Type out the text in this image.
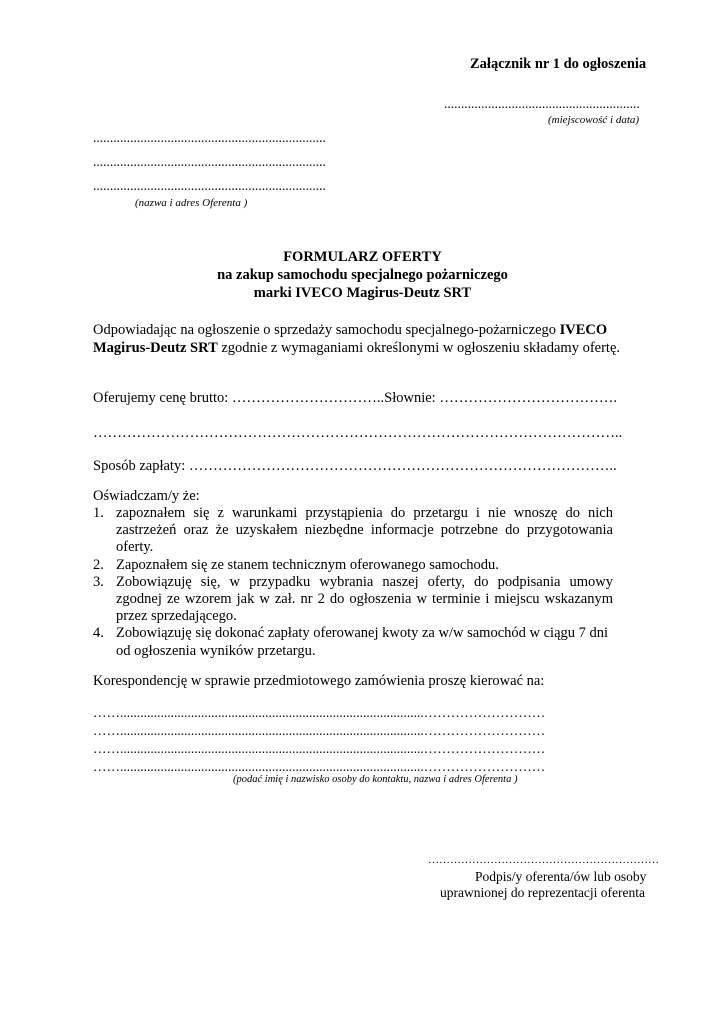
Załącznik nr 1 do ogłoszenia
..........................................................
(miejscowość i data)
.....................................................................
.....................................................................
.....................................................................
(nazwa i adres Oferenta )
FORMULARZ OFERTY
na zakup samochodu specjalnego pożarniczego
marki IVECO Magirus-Deutz SRT
Odpowiadając na ogłoszenie o sprzedaży samochodu specjalnego-pożarniczego IVECO
Magirus-Deutz SRT zgodnie z wymaganiami określonymi w ogłoszeniu składamy ofertę.
Oferujemy cenę brutto: …………………………..Słownie: ……………………………….
………………………………………………………………………………………………..
Sposób zapłaty: ……………………………………………………………………………..
Oświadczam/y że:
1. zapoznałem się z warunkami przystąpienia do przetargu i nie wnoszę do nich zastrzeżeń oraz że uzyskałem niezbędne informacje potrzebne do przygotowania oferty.
2. Zapoznałem się ze stanem technicznym oferowanego samochodu.
3. Zobowiązuję się, w przypadku wybrania naszej oferty, do podpisania umowy zgodnej ze wzorem jak w zał. nr 2 do ogłoszenia w terminie i miejscu wskazanym przez sprzedającego.
4. Zobowiązuję się dokonać zapłaty oferowanej kwoty za w/w samochód w ciągu 7 dni od ogłoszenia wyników przetargu.
Korespondencję w sprawie przedmiotowego zamówienia proszę kierować na:
……..........................................................................................………………………
……..........................................................................................………………………
……..........................................................................................………………………
……..........................................................................................………………………
(podać imię i nazwisko osoby do kontaktu, nazwa i adres Oferenta )
………………………………………………………
Podpis/y oferenta/ów lub osoby
uprawnionej do reprezentacji oferenta
